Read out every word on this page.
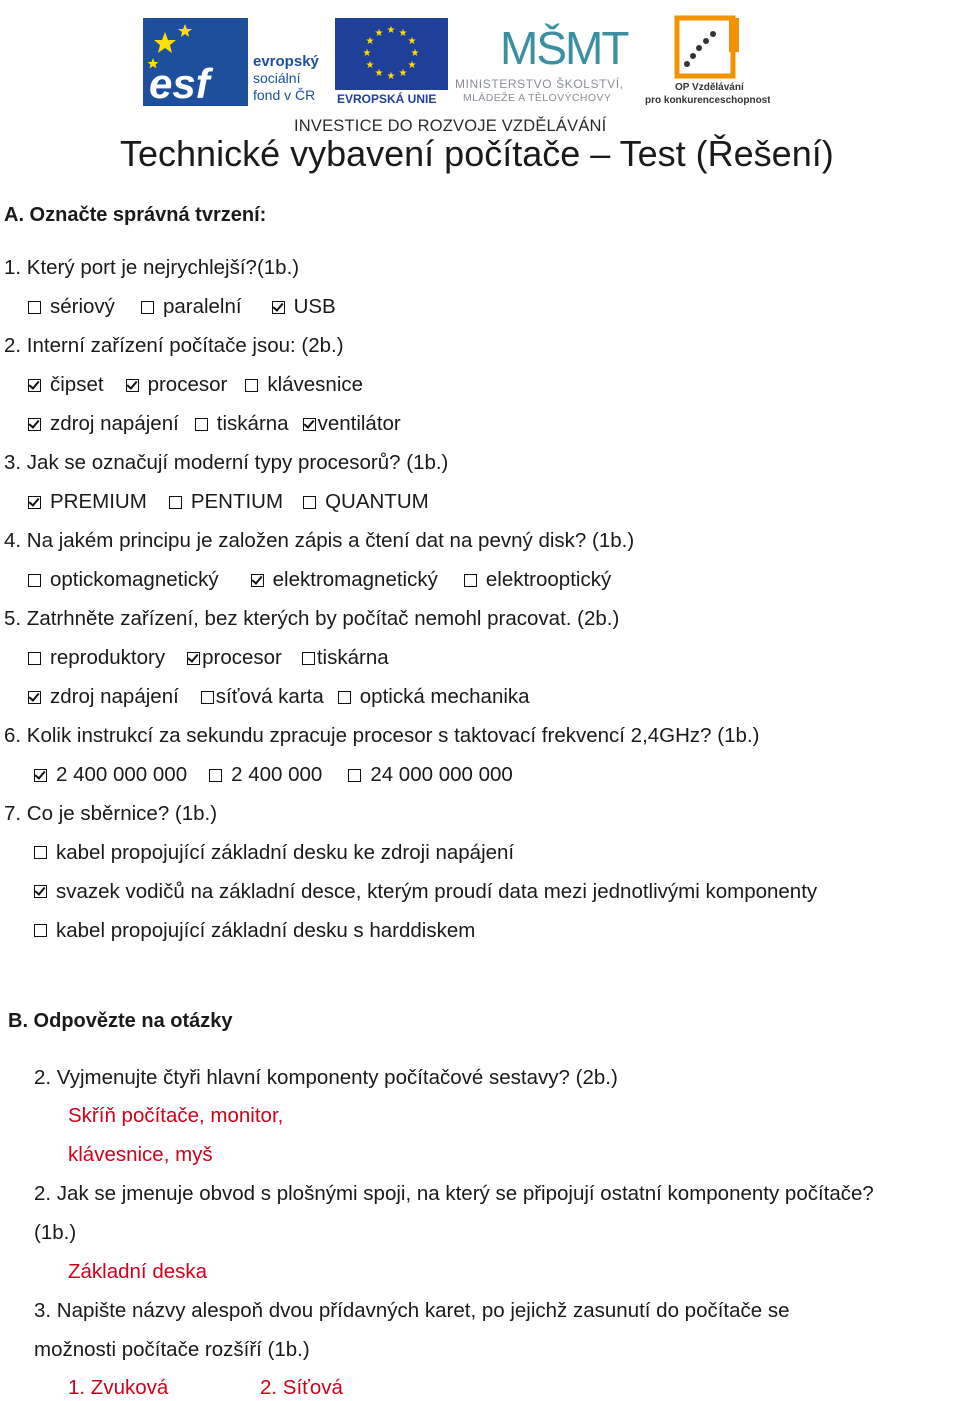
esf	evropský
sociální
fond v ČR
★ ★
★
★
★
★
★
★
★
★
★
★
EVROPSKÁ UNIE
MŠMT
MINISTERSTVO ŠKOLSTVÍ,
MLÁDEŽE A TĚLOVÝCHOVY
OP Vzdělávání
pro konkurenceschopnost
INVESTICE DO ROZVOJE VZDĚLÁVÁNÍ
Technické vybavení počítače – Test (Řešení)
A. Označte správná tvrzení:
1. Který port je nejrychlejší?(1b.)
sériový paralelní	USB
2. Interní zařízení počítače jsou: (2b.)
čipset procesor klávesnice
zdroj napájení tiskárna ventilátor
3. Jak se označují moderní typy procesorů? (1b.)
PREMIUM PENTIUM QUANTUM
4. Na jakém principu je založen zápis a čtení dat na pevný disk? (1b.)
optickomagnetický	elektromagnetický elektrooptický
5. Zatrhněte zařízení, bez kterých by počítač nemohl pracovat. (2b.)
reproduktory procesor tiskárna
zdroj napájení síťová karta optická mechanika
6. Kolik instrukcí za sekundu zpracuje procesor s taktovací frekvencí 2,4GHz? (1b.)
2 400 000 000 2 400 000 24 000 000 000
7. Co je sběrnice? (1b.)
kabel propojující základní desku ke zdroji napájení
svazek vodičů na základní desce, kterým proudí data mezi jednotlivými komponenty
kabel propojující základní desku s harddiskem
B. Odpovězte na otázky
2. Vyjmenujte čtyři hlavní komponenty počítačové sestavy? (2b.)
Skříň počítače, monitor,
klávesnice, myš
2. Jak se jmenuje obvod s plošnými spoji, na který se připojují ostatní komponenty počítače?
(1b.)
Základní deska
3. Napište názvy alespoň dvou přídavných karet, po jejichž zasunutí do počítače se
možnosti počítače rozšíří (1b.)
1. Zvuková	2. Síťová
